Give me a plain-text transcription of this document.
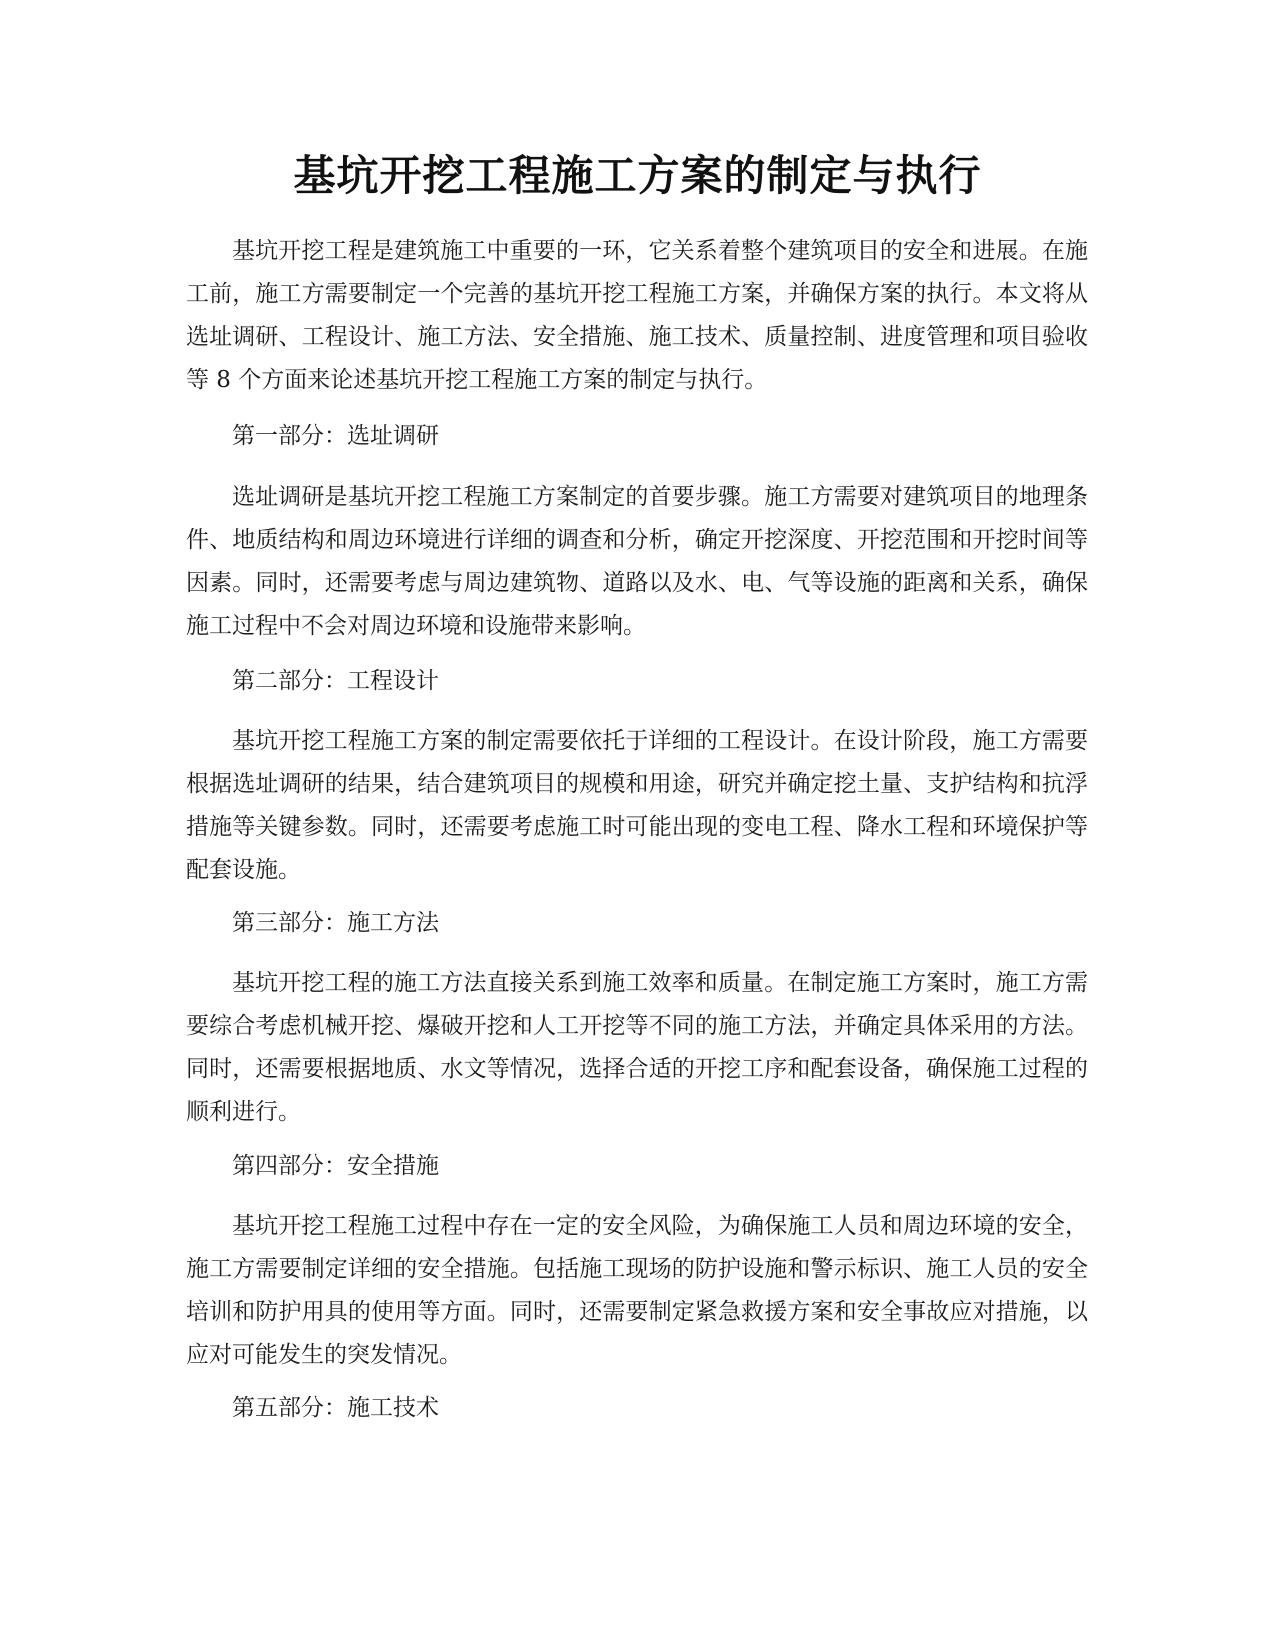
基坑开挖工程施工方案的制定与执行

基坑开挖工程是建筑施工中重要的一环，它关系着整个建筑项目的安全和进展。在施工前，施工方需要制定一个完善的基坑开挖工程施工方案，并确保方案的执行。本文将从选址调研、工程设计、施工方法、安全措施、施工技术、质量控制、进度管理和项目验收等 8 个方面来论述基坑开挖工程施工方案的制定与执行。

第一部分：选址调研

选址调研是基坑开挖工程施工方案制定的首要步骤。施工方需要对建筑项目的地理条件、地质结构和周边环境进行详细的调查和分析，确定开挖深度、开挖范围和开挖时间等因素。同时，还需要考虑与周边建筑物、道路以及水、电、气等设施的距离和关系，确保施工过程中不会对周边环境和设施带来影响。

第二部分：工程设计

基坑开挖工程施工方案的制定需要依托于详细的工程设计。在设计阶段，施工方需要根据选址调研的结果，结合建筑项目的规模和用途，研究并确定挖土量、支护结构和抗浮措施等关键参数。同时，还需要考虑施工时可能出现的变电工程、降水工程和环境保护等配套设施。

第三部分：施工方法

基坑开挖工程的施工方法直接关系到施工效率和质量。在制定施工方案时，施工方需要综合考虑机械开挖、爆破开挖和人工开挖等不同的施工方法，并确定具体采用的方法。同时，还需要根据地质、水文等情况，选择合适的开挖工序和配套设备，确保施工过程的顺利进行。

第四部分：安全措施

基坑开挖工程施工过程中存在一定的安全风险，为确保施工人员和周边环境的安全，施工方需要制定详细的安全措施。包括施工现场的防护设施和警示标识、施工人员的安全培训和防护用具的使用等方面。同时，还需要制定紧急救援方案和安全事故应对措施，以应对可能发生的突发情况。

第五部分：施工技术
